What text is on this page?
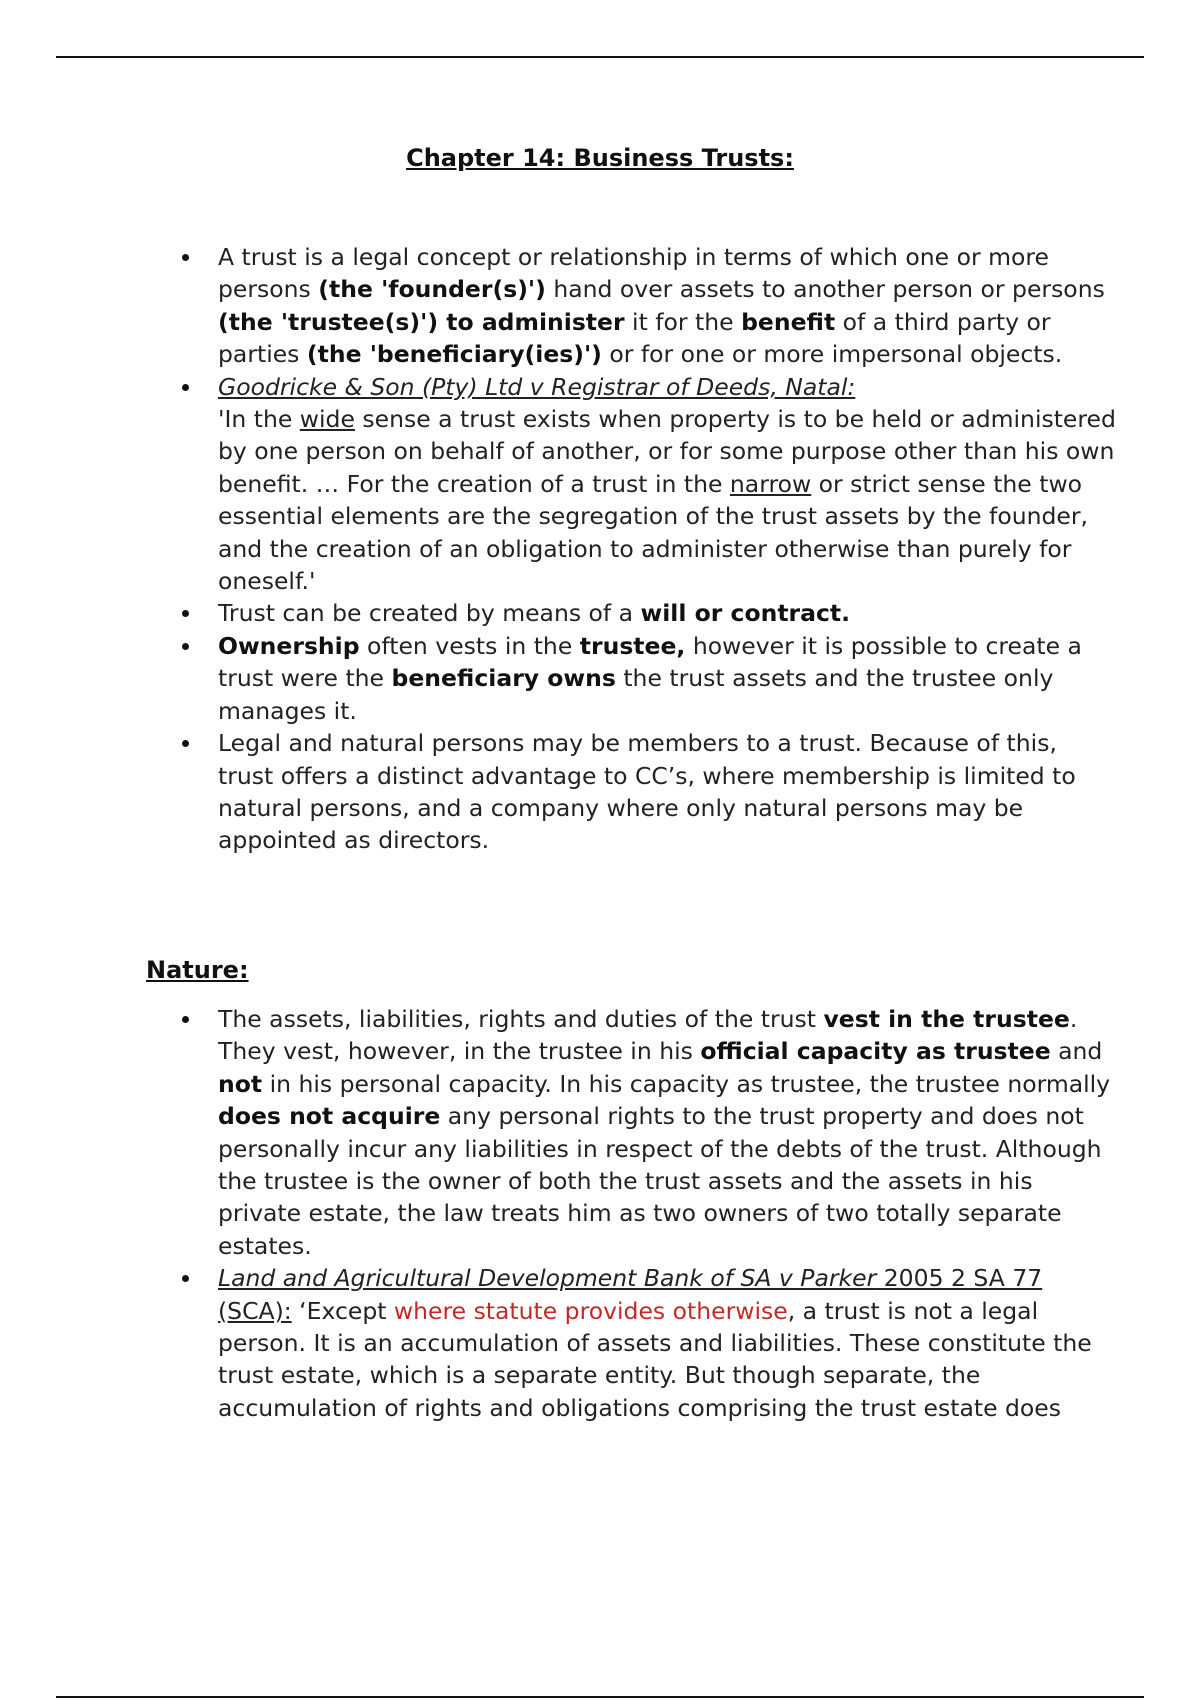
Chapter 14: Business Trusts:
A trust is a legal concept or relationship in terms of which one or more persons (the 'founder(s)') hand over assets to another person or persons (the 'trustee(s)') to administer it for the benefit of a third party or parties (the 'beneficiary(ies)') or for one or more impersonal objects.
Goodricke & Son (Pty) Ltd v Registrar of Deeds, Natal:
'In the wide sense a trust exists when property is to be held or administered by one person on behalf of another, or for some purpose other than his own benefit. … For the creation of a trust in the narrow or strict sense the two essential elements are the segregation of the trust assets by the founder, and the creation of an obligation to administer otherwise than purely for oneself.'
Trust can be created by means of a will or contract.
Ownership often vests in the trustee, however it is possible to create a trust were the beneficiary owns the trust assets and the trustee only manages it.
Legal and natural persons may be members to a trust. Because of this, trust offers a distinct advantage to CC’s, where membership is limited to natural persons, and a company where only natural persons may be appointed as directors.
Nature:
The assets, liabilities, rights and duties of the trust vest in the trustee. They vest, however, in the trustee in his official capacity as trustee and not in his personal capacity. In his capacity as trustee, the trustee normally does not acquire any personal rights to the trust property and does not personally incur any liabilities in respect of the debts of the trust. Although the trustee is the owner of both the trust assets and the assets in his private estate, the law treats him as two owners of two totally separate estates.
Land and Agricultural Development Bank of SA v Parker 2005 2 SA 77 (SCA): ‘Except where statute provides otherwise, a trust is not a legal person. It is an accumulation of assets and liabilities. These constitute the trust estate, which is a separate entity. But though separate, the accumulation of rights and obligations comprising the trust estate does
